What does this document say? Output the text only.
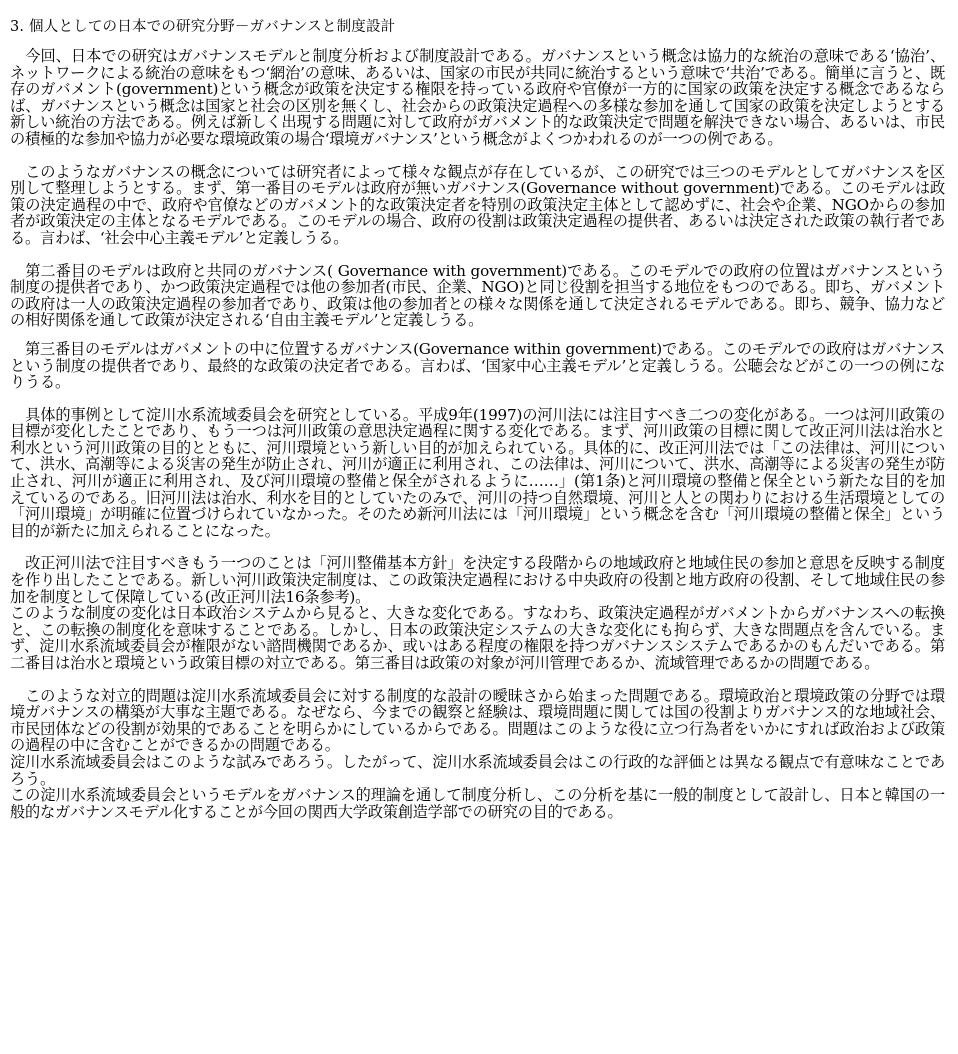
3. 個人としての日本での研究分野－ガバナンスと制度設計

　今回、日本での研究はガバナンスモデルと制度分析および制度設計である。ガバナンスという概念は協力的な統治の意味である‘協治’、ネットワークによる統治の意味をもつ‘網治’の意味、あるいは、国家の市民が共同に統治するという意味で‘共治’である。簡単に言うと、既存のガバメント(government)という概念が政策を決定する権限を持っている政府や官僚が一方的に国家の政策を決定する概念であるならば、ガバナンスという概念は国家と社会の区別を無くし、社会からの政策決定過程への多様な参加を通して国家の政策を決定しようとする新しい統治の方法である。例えば新しく出現する問題に対して政府がガバメント的な政策決定で問題を解決できない場合、あるいは、市民の積極的な参加や協力が必要な環境政策の場合‘環境ガバナンス’という概念がよくつかわれるのが一つの例である。

　このようなガバナンスの概念については研究者によって様々な観点が存在しているが、この研究では三つのモデルとしてガバナンスを区別して整理しようとする。まず、第一番目のモデルは政府が無いガバナンス(Governance without government)である。このモデルは政策の決定過程の中で、政府や官僚などのガバメント的な政策決定者を特別の政策決定主体として認めずに、社会や企業、NGOからの参加者が政策決定の主体となるモデルである。このモデルの場合、政府の役割は政策決定過程の提供者、あるいは決定された政策の執行者である。言わば、‘社会中心主義モデル’と定義しうる。

　第二番目のモデルは政府と共同のガバナンス( Governance with government)である。このモデルでの政府の位置はガバナンスという制度の提供者であり、かつ政策決定過程では他の参加者(市民、企業、NGO)と同じ役割を担当する地位をもつのである。即ち、ガバメントの政府は一人の政策決定過程の参加者であり、政策は他の参加者との様々な関係を通して決定されるモデルである。即ち、競争、協力などの相好関係を通して政策が決定される‘自由主義モデル’と定義しうる。

　第三番目のモデルはガバメントの中に位置するガバナンス(Governance within government)である。このモデルでの政府はガバナンスという制度の提供者であり、最終的な政策の決定者である。言わば、‘国家中心主義モデル’と定義しうる。公聴会などがこの一つの例になりうる。

　具体的事例として淀川水系流域委員会を研究としている。平成9年(1997)の河川法には注目すべき二つの変化がある。一つは河川政策の目標が変化したことであり、もう一つは河川政策の意思決定過程に関する変化である。まず、河川政策の目標に関して改正河川法は治水と利水という河川政策の目的とともに、河川環境という新しい目的が加えられている。具体的に、改正河川法では「この法律は、河川について、洪水、高潮等による災害の発生が防止され、河川が適正に利用され、この法律は、河川について、洪水、高潮等による災害の発生が防止され、河川が適正に利用され、及び河川環境の整備と保全がされるように……」(第1条)と河川環境の整備と保全という新たな目的を加えているのである。旧河川法は治水、利水を目的としていたのみで、河川の持つ自然環境、河川と人との関わりにおける生活環境としての「河川環境」が明確に位置づけられていなかった。そのため新河川法には「河川環境」という概念を含む「河川環境の整備と保全」という目的が新たに加えられることになった。

　改正河川法で注目すべきもう一つのことは「河川整備基本方針」を決定する段階からの地域政府と地域住民の参加と意思を反映する制度を作り出したことである。新しい河川政策決定制度は、この政策決定過程における中央政府の役割と地方政府の役割、そして地域住民の参加を制度として保障している(改正河川法16条参考)。

このような制度の変化は日本政治システムから見ると、大きな変化である。すなわち、政策決定過程がガバメントからガバナンスへの転換と、この転換の制度化を意味することである。しかし、日本の政策決定システムの大きな変化にも拘らず、大きな問題点を含んでいる。まず、淀川水系流域委員会が権限がない諮問機関であるか、或いはある程度の権限を持つガバナンスシステムであるかのもんだいである。第二番目は治水と環境という政策目標の対立である。第三番目は政策の対象が河川管理であるか、流域管理であるかの問題である。

　このような対立的問題は淀川水系流域委員会に対する制度的な設計の曖昧さから始まった問題である。環境政治と環境政策の分野では環境ガバナンスの構築が大事な主題である。なぜなら、今までの観察と経験は、環境問題に関しては国の役割よりガバナンス的な地域社会、市民団体などの役割が効果的であることを明らかにしているからである。問題はこのような役に立つ行為者をいかにすれば政治および政策の過程の中に含むことができるかの問題である。

淀川水系流域委員会はこのような試みであろう。したがって、淀川水系流域委員会はこの行政的な評価とは異なる観点で有意味なことであろう。

この淀川水系流域委員会というモデルをガバナンス的理論を通して制度分析し、この分析を基に一般的制度として設計し、日本と韓国の一般的なガバナンスモデル化することが今回の関西大学政策創造学部での研究の目的である。
